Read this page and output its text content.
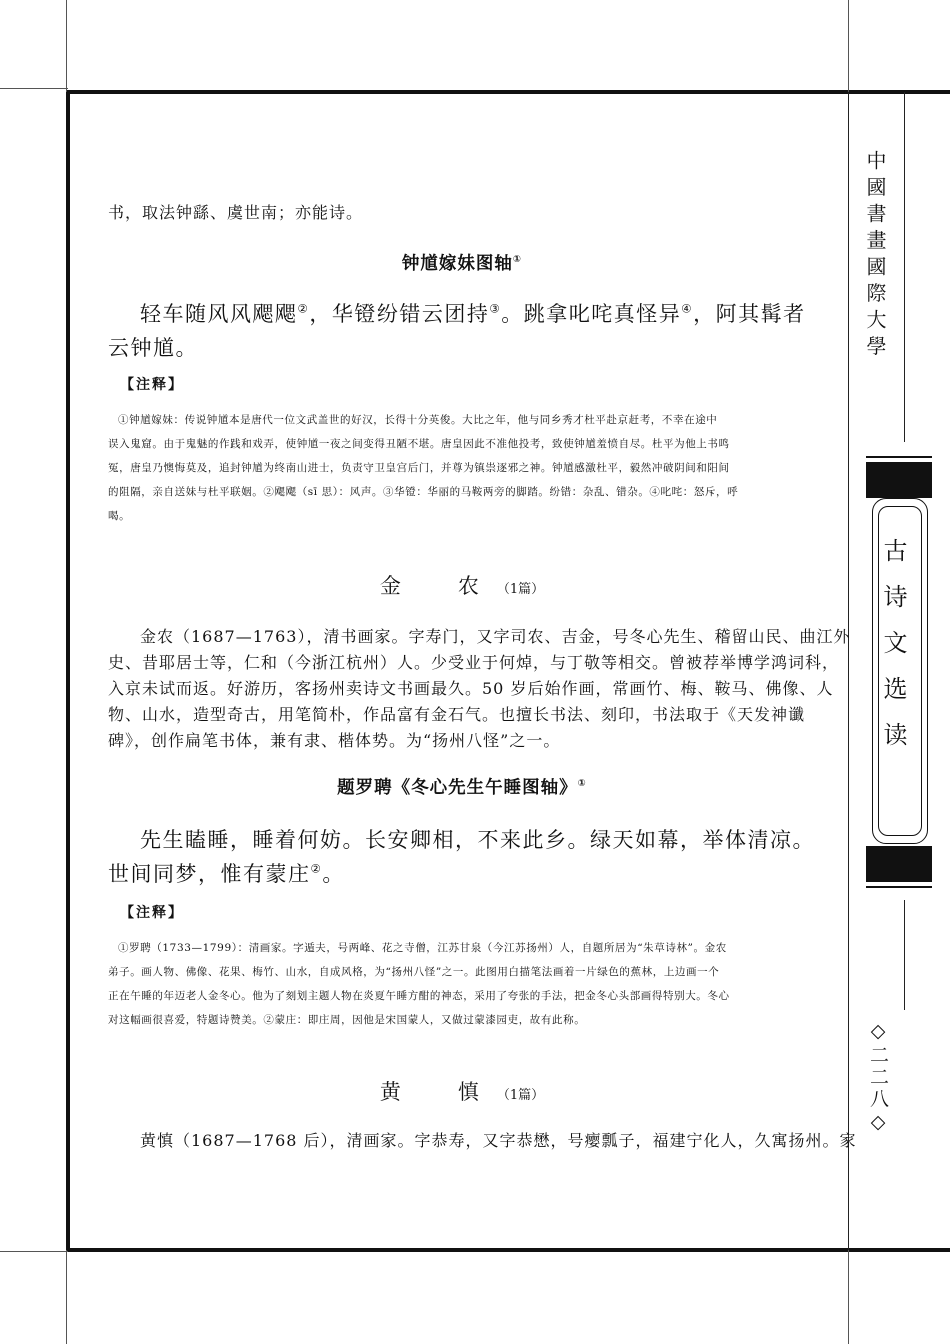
中國書畫國際大學
古诗文选读
◇二二八◇
书，取法钟繇、虞世南；亦能诗。
钟馗嫁妹图轴①
轻车随风风飔飔②，华镫纷错云团持③。跳拿叱咤真怪异④，阿其髯者
云钟馗。
【注释】
①钟馗嫁妹：传说钟馗本是唐代一位文武盖世的好汉，长得十分英俊。大比之年，他与同乡秀才杜平赴京赶考，不幸在途中
误入鬼窟。由于鬼魅的作践和戏弄，使钟馗一夜之间变得丑陋不堪。唐皇因此不准他投考，致使钟馗羞愤自尽。杜平为他上书鸣
冤，唐皇乃懊悔莫及，追封钟馗为终南山进士，负责守卫皇宫后门，并尊为镇祟逐邪之神。钟馗感激杜平，毅然冲破阴间和阳间
的阻隔，亲自送妹与杜平联姻。②飔飔（sī 思）：风声。③华镫：华丽的马鞍两旁的脚踏。纷错：杂乱、错杂。④叱咤：怒斥，呼
喝。
金　农（1篇）
金农（1687—1763），清书画家。字寿门，又字司农、吉金，号冬心先生、稽留山民、曲江外
史、昔耶居士等，仁和（今浙江杭州）人。少受业于何焯，与丁敬等相交。曾被荐举博学鸿词科，
入京未试而返。好游历，客扬州卖诗文书画最久。50 岁后始作画，常画竹、梅、鞍马、佛像、人
物、山水，造型奇古，用笔简朴，作品富有金石气。也擅长书法、刻印，书法取于《天发神谶
碑》，创作扁笔书体，兼有隶、楷体势。为“扬州八怪”之一。
题罗聘《冬心先生午睡图轴》①
先生瞌睡，睡着何妨。长安卿相，不来此乡。绿天如幕，举体清凉。
世间同梦，惟有蒙庄②。
【注释】
①罗聘（1733—1799）：清画家。字遁夫，号两峰、花之寺僧，江苏甘泉（今江苏扬州）人，自题所居为“朱草诗林”。金农
弟子。画人物、佛像、花果、梅竹、山水，自成风格，为“扬州八怪”之一。此图用白描笔法画着一片绿色的蕉林，上边画一个
正在午睡的年迈老人金冬心。他为了刻划主题人物在炎夏午睡方酣的神态，采用了夸张的手法，把金冬心头部画得特别大。冬心
对这幅画很喜爱，特题诗赞美。②蒙庄：即庄周，因他是宋国蒙人，又做过蒙漆园吏，故有此称。
黄　慎（1篇）
黄慎（1687—1768 后），清画家。字恭寿，又字恭懋，号瘿瓢子，福建宁化人，久寓扬州。家
